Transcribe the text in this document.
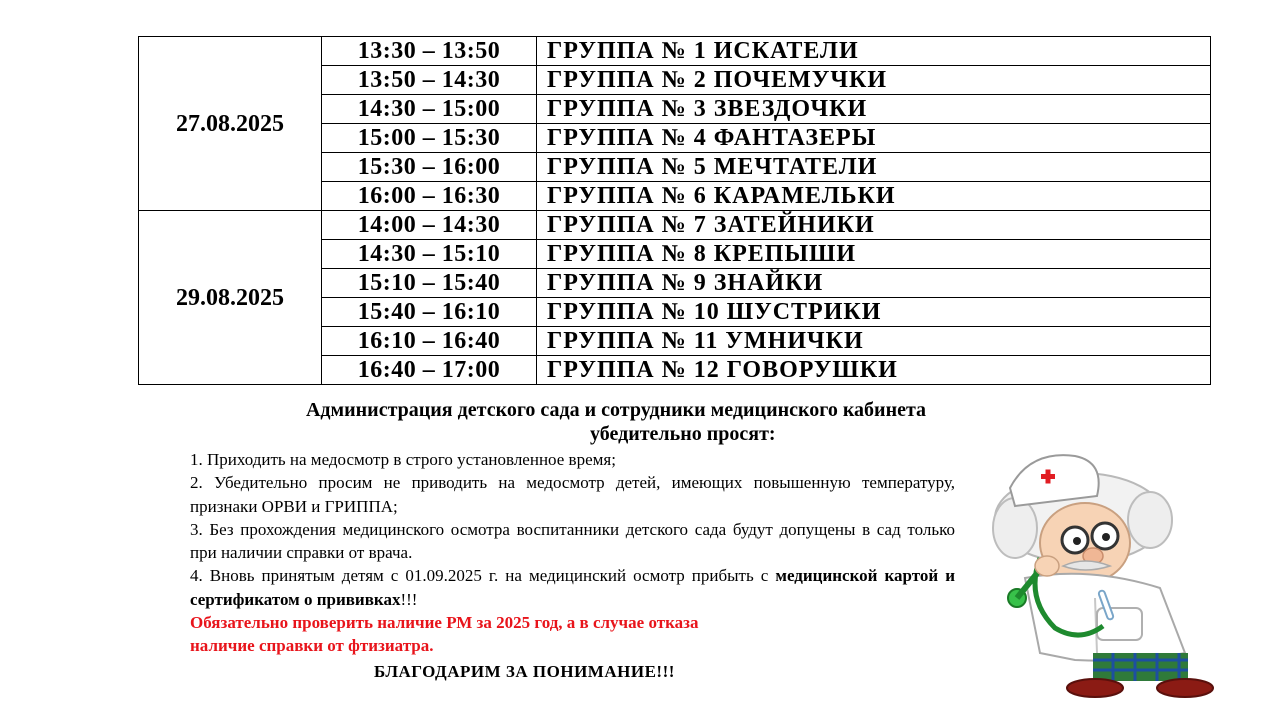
27.08.2025	13:30 – 13:50	ГРУППА № 1 ИСКАТЕЛИ
	13:50 – 14:30	ГРУППА № 2 ПОЧЕМУЧКИ
	14:30 – 15:00	ГРУППА № 3 ЗВЕЗДОЧКИ
	15:00 – 15:30	ГРУППА № 4 ФАНТАЗЕРЫ
	15:30 – 16:00	ГРУППА № 5 МЕЧТАТЕЛИ
	16:00 – 16:30	ГРУППА № 6 КАРАМЕЛЬКИ
29.08.2025	14:00 – 14:30	ГРУППА № 7 ЗАТЕЙНИКИ
	14:30 – 15:10	ГРУППА № 8 КРЕПЫШИ
	15:10 – 15:40	ГРУППА № 9 ЗНАЙКИ
	15:40 – 16:10	ГРУППА № 10 ШУСТРИКИ
	16:10 – 16:40	ГРУППА № 11 УМНИЧКИ
	16:40 – 17:00	ГРУППА № 12 ГОВОРУШКИ
Администрация детского сада и сотрудники медицинского кабинета
убедительно просят:

1. Приходить на медосмотр в строго установленное время;

2. Убедительно просим не приводить на медосмотр детей, имеющих повышенную температуру, признаки ОРВИ и ГРИППА;

3. Без прохождения медицинского осмотра воспитанники детского сада будут допущены в сад только при наличии справки от врача.

4. Вновь принятым детям с 01.09.2025 г. на медицинский осмотр прибыть с медицинской картой и сертификатом о прививках!!!

Обязательно проверить наличие РМ за 2025 год, а в случае отказа
наличие справки от фтизиатра.
БЛАГОДАРИМ ЗА ПОНИМАНИЕ!!!
